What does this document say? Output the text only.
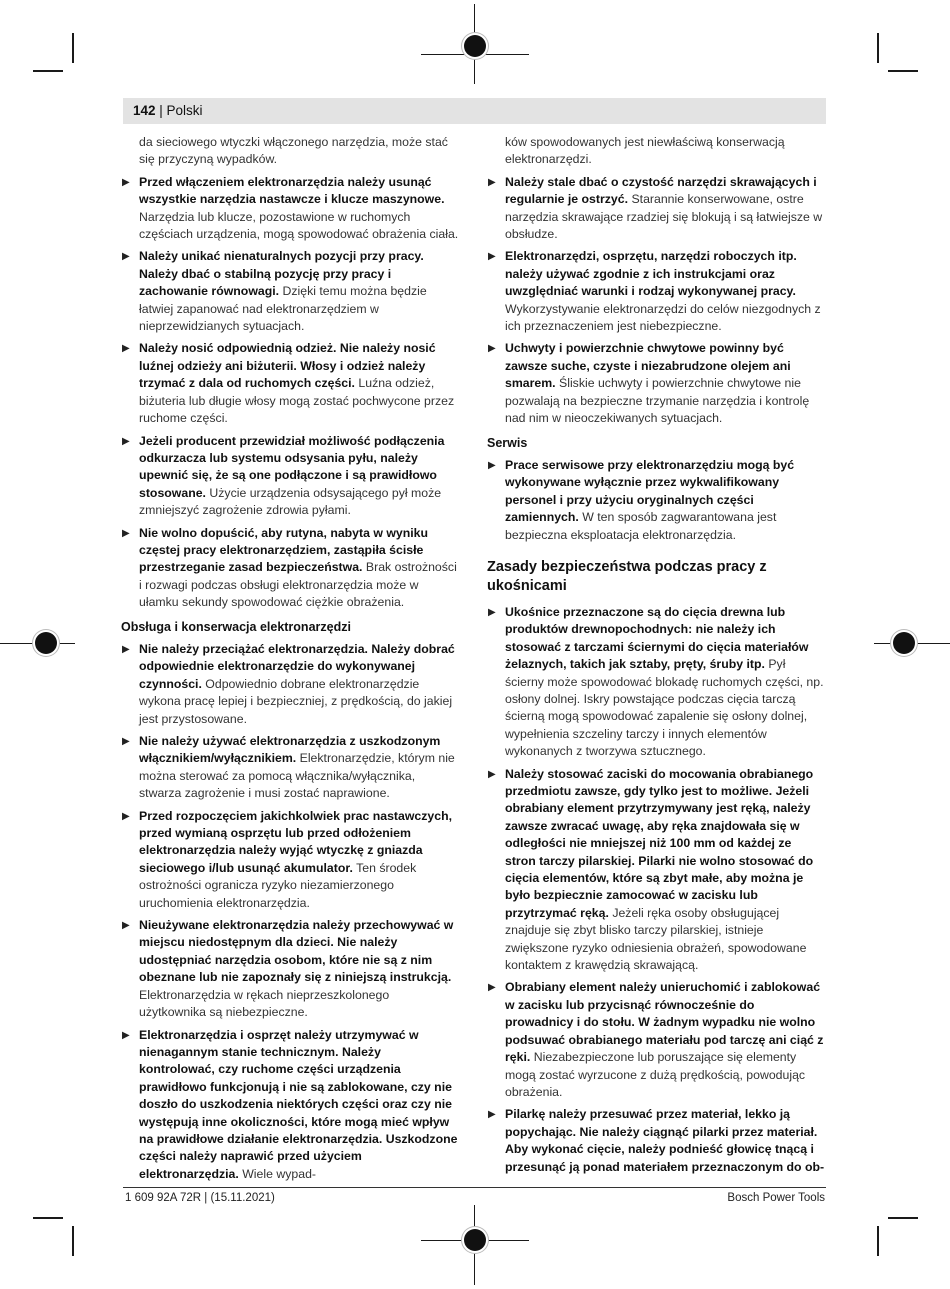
142 | Polski
da sieciowego wtyczki włączonego narzędzia, może stać się przyczyną wypadków.
▶ Przed włączeniem elektronarzędzia należy usunąć wszystkie narzędzia nastawcze i klucze maszynowe. Narzędzia lub klucze, pozostawione w ruchomych częściach urządzenia, mogą spowodować obrażenia ciała.
▶ Należy unikać nienaturalnych pozycji przy pracy. Należy dbać o stabilną pozycję przy pracy i zachowanie równowagi. Dzięki temu można będzie łatwiej zapanować nad elektronarzędziem w nieprzewidzianych sytuacjach.
▶ Należy nosić odpowiednią odzież. Nie należy nosić luźnej odzieży ani biżuterii. Włosy i odzież należy trzymać z dala od ruchomych części. Luźna odzież, biżuteria lub długie włosy mogą zostać pochwycone przez ruchome części.
▶ Jeżeli producent przewidział możliwość podłączenia odkurzacza lub systemu odsysania pyłu, należy upewnić się, że są one podłączone i są prawidłowo stosowane. Użycie urządzenia odsysającego pył może zmniejszyć zagrożenie zdrowia pyłami.
▶ Nie wolno dopuścić, aby rutyna, nabyta w wyniku częstej pracy elektronarzędziem, zastąpiła ścisłe przestrzeganie zasad bezpieczeństwa. Brak ostrożności i rozwagi podczas obsługi elektronarzędzia może w ułamku sekundy spowodować ciężkie obrażenia.
Obsługa i konserwacja elektronarzędzi
▶ Nie należy przeciążać elektronarzędzia. Należy dobrać odpowiednie elektronarzędzie do wykonywanej czynności. Odpowiednio dobrane elektronarzędzie wykona pracę lepiej i bezpieczniej, z prędkością, do jakiej jest przystosowane.
▶ Nie należy używać elektronarzędzia z uszkodzonym włącznikiem/wyłącznikiem. Elektronarzędzie, którym nie można sterować za pomocą włącznika/wyłącznika, stwarza zagrożenie i musi zostać naprawione.
▶ Przed rozpoczęciem jakichkolwiek prac nastawczych, przed wymianą osprzętu lub przed odłożeniem elektronarzędzia należy wyjąć wtyczkę z gniazda sieciowego i/lub usunąć akumulator. Ten środek ostrożności ogranicza ryzyko niezamierzonego uruchomienia elektronarzędzia.
▶ Nieużywane elektronarzędzia należy przechowywać w miejscu niedostępnym dla dzieci. Nie należy udostępniać narzędzia osobom, które nie są z nim obeznane lub nie zapoznały się z niniejszą instrukcją. Elektronarzędzia w rękach nieprzeszkolonego użytkownika są niebezpieczne.
▶ Elektronarzędzia i osprzęt należy utrzymywać w nienagannym stanie technicznym. Należy kontrolować, czy ruchome części urządzenia prawidłowo funkcjonują i nie są zablokowane, czy nie doszło do uszkodzenia niektórych części oraz czy nie występują inne okoliczności, które mogą mieć wpływ na prawidłowe działanie elektronarzędzia. Uszkodzone części należy naprawić przed użyciem elektronarzędzia. Wiele wypad-
ków spowodowanych jest niewłaściwą konserwacją elektronarzędzi.
▶ Należy stale dbać o czystość narzędzi skrawających i regularnie je ostrzyć. Starannie konserwowane, ostre narzędzia skrawające rzadziej się blokują i są łatwiejsze w obsłudze.
▶ Elektronarzędzi, osprzętu, narzędzi roboczych itp. należy używać zgodnie z ich instrukcjami oraz uwzględniać warunki i rodzaj wykonywanej pracy. Wykorzystywanie elektronarzędzi do celów niezgodnych z ich przeznaczeniem jest niebezpieczne.
▶ Uchwyty i powierzchnie chwytowe powinny być zawsze suche, czyste i niezabrudzone olejem ani smarem. Śliskie uchwyty i powierzchnie chwytowe nie pozwalają na bezpieczne trzymanie narzędzia i kontrolę nad nim w nieoczekiwanych sytuacjach.
Serwis
▶ Prace serwisowe przy elektronarzędziu mogą być wykonywane wyłącznie przez wykwalifikowany personel i przy użyciu oryginalnych części zamiennych. W ten sposób zagwarantowana jest bezpieczna eksploatacja elektronarzędzia.
Zasady bezpieczeństwa podczas pracy z ukośnicami
▶ Ukośnice przeznaczone są do cięcia drewna lub produktów drewnopochodnych: nie należy ich stosować z tarczami ściernymi do cięcia materiałów żelaznych, takich jak sztaby, pręty, śruby itp. Pył ścierny może spowodować blokadę ruchomych części, np. osłony dolnej. Iskry powstające podczas cięcia tarczą ścierną mogą spowodować zapalenie się osłony dolnej, wypełnienia szczeliny tarczy i innych elementów wykonanych z tworzywa sztucznego.
▶ Należy stosować zaciski do mocowania obrabianego przedmiotu zawsze, gdy tylko jest to możliwe. Jeżeli obrabiany element przytrzymywany jest ręką, należy zawsze zwracać uwagę, aby ręka znajdowała się w odległości nie mniejszej niż 100 mm od każdej ze stron tarczy pilarskiej. Pilarki nie wolno stosować do cięcia elementów, które są zbyt małe, aby można je było bezpiecznie zamocować w zacisku lub przytrzymać ręką. Jeżeli ręka osoby obsługującej znajduje się zbyt blisko tarczy pilarskiej, istnieje zwiększone ryzyko odniesienia obrażeń, spowodowane kontaktem z krawędzią skrawającą.
▶ Obrabiany element należy unieruchomić i zablokować w zacisku lub przycisnąć równocześnie do prowadnicy i do stołu. W żadnym wypadku nie wolno podsuwać obrabianego materiału pod tarczę ani ciąć z ręki. Niezabezpieczone lub poruszające się elementy mogą zostać wyrzucone z dużą prędkością, powodując obrażenia.
▶ Pilarkę należy przesuwać przez materiał, lekko ją popychając. Nie należy ciągnąć pilarki przez materiał. Aby wykonać cięcie, należy podnieść głowicę tnącą i przesunąć ją ponad materiałem przeznaczonym do ob-
1 609 92A 72R | (15.11.2021)	Bosch Power Tools
